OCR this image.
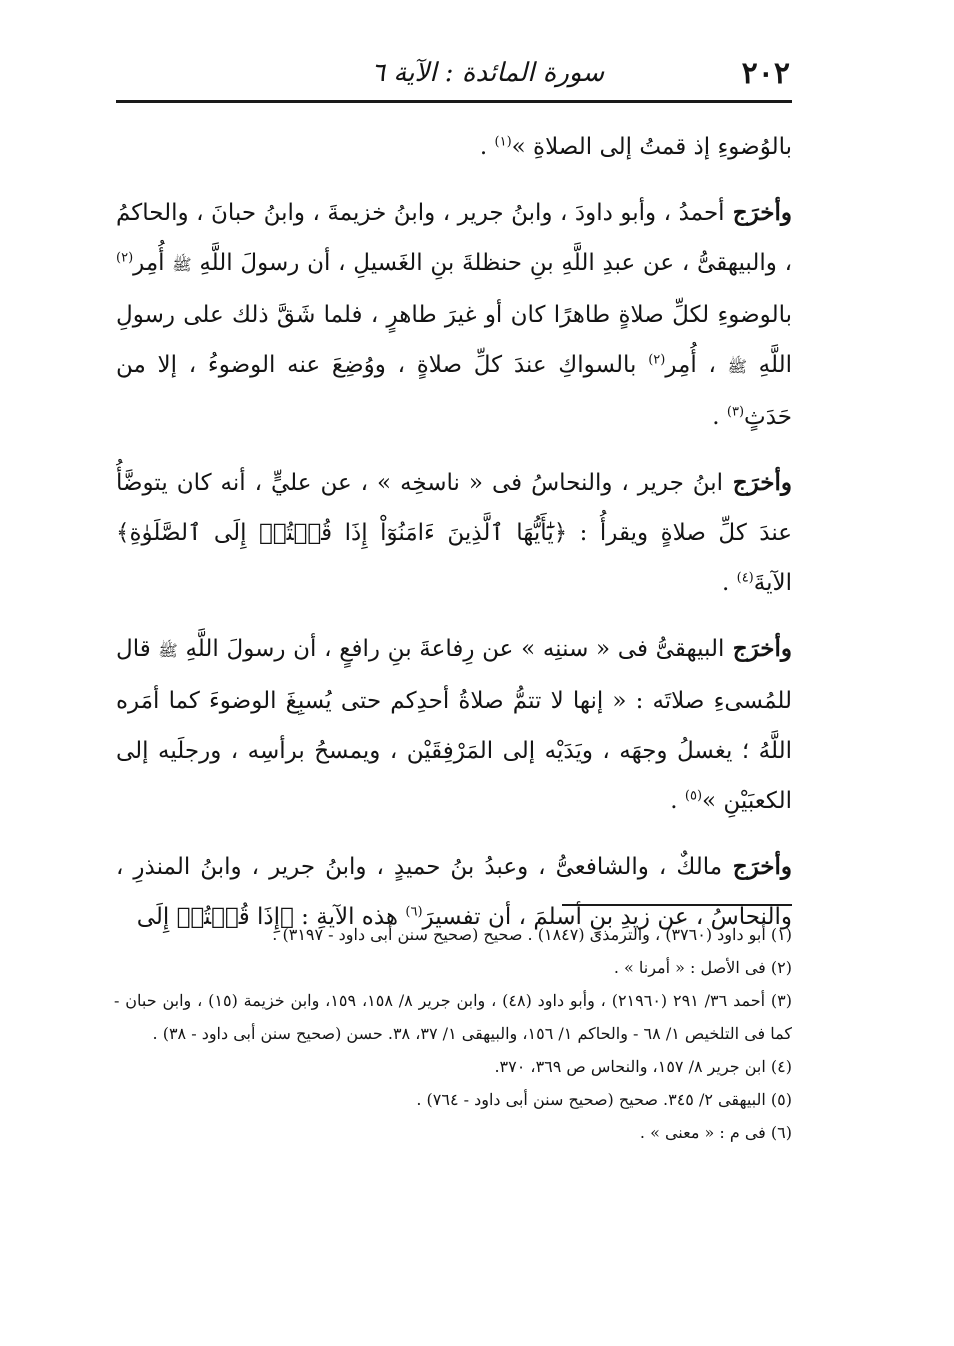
٢٠٢
سورة المائدة : الآية ٦

بالوُضوءِ إذ قمتُ إلى الصلاةِ »$^{(١)}$ .

وأخرَج أحمدُ ، وأبو داودَ ، وابنُ جرير ، وابنُ خزيمةَ ، وابنُ حبانَ ، والحاكمُ ، والبيهقىُّ ، عن عبدِ اللَّهِ بنِ حنظلةَ بنِ الغَسيلِ ، أن رسولَ اللَّهِ ﷺ أُمِر$^{(٢)}$ بالوضوءِ لكلِّ صلاةٍ طاهرًا كان أو غيرَ طاهرٍ ، فلما شَقَّ ذلك على رسولِ اللَّهِ ﷺ ، أُمِر$^{(٢)}$ بالسواكِ عندَ كلِّ صلاةٍ ، ووُضِعَ عنه الوضوءُ ، إلا من حَدَثٍ$^{(٣)}$ .

وأخرَج ابنُ جرير ، والنحاسُ فى « ناسخِه » ، عن عليٍّ ، أنه كان يتوضَّأُ عندَ كلِّ صلاةٍ ويقرأُ : ﴿يَٰٓأَيُّهَا ٱلَّذِينَ ءَامَنُوٓاْ إِذَا قُمۡتُمۡ إِلَى ٱلصَّلَوٰةِ﴾ الآيةَ$^{(٤)}$ .

وأخرَج البيهقىُّ فى « سننِه » عن رِفاعةَ بنِ رافعٍ ، أن رسولَ اللَّهِ ﷺ قال للمُسىءِ صلاتَه : « إنها لا تتمُّ صلاةُ أحدِكم حتى يُسبِغَ الوضوءَ كما أمَره اللَّهُ ؛ يغسلُ وجهَه ، ويَدَيْه إلى المَرْفِقَيْن ، ويمسحُ برأسِه ، ورجلَيه إلى الكعبَيْنِ »$^{(٥)}$ .

وأخرَج مالكٌ ، والشافعىُّ ، وعبدُ بنُ حميدٍ ، وابنُ جرير ، وابنُ المنذرِ ، والنحاسُ ، عن زيدِ بنِ أسلمَ ، أن تفسيرَ$^{(٦)}$ هذه الآيةِ : ﴿إِذَا قُمۡتُمۡ إِلَى

(١) أبو داود (٣٧٦٠) ، والترمذى (١٨٤٧) . صحيح (صحيح سنن أبى داود - ٣١٩٧) .

(٢) فى الأصل : « أمرنا » .

(٣) أحمد ٣٦/ ٢٩١ (٢١٩٦٠) ، وأبو داود (٤٨) ، وابن جرير ٨/ ١٥٨، ١٥٩، وابن خزيمة (١٥) ، وابن حبان - كما فى التلخيص ١/ ٦٨ - والحاكم ١/ ١٥٦، والبيهقى ١/ ٣٧، ٣٨. حسن (صحيح سنن أبى داود - ٣٨) .

(٤) ابن جرير ٨/ ١٥٧، والنحاس ص ٣٦٩، ٣٧٠.

(٥) البيهقى ٢/ ٣٤٥. صحيح (صحيح سنن أبى داود - ٧٦٤) .

(٦) فى م : « معنى » .
